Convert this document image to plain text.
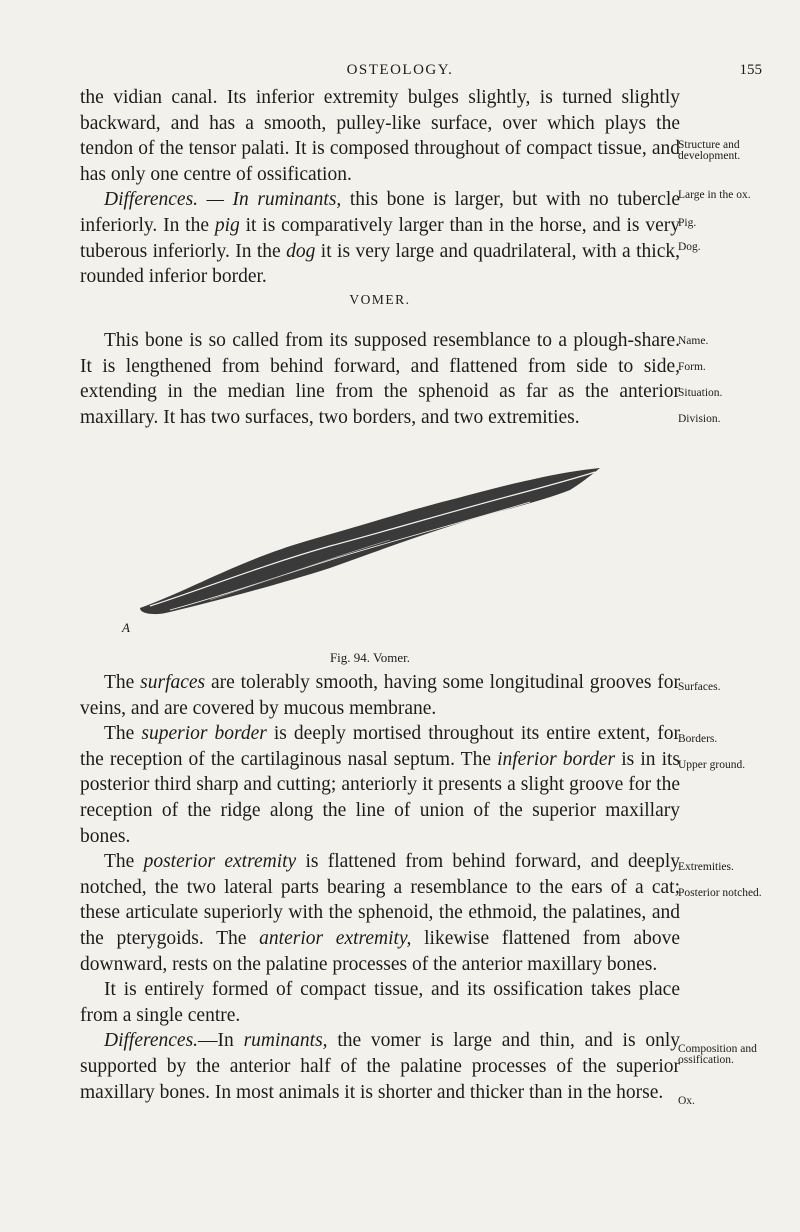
OSTEOLOGY.	155

the vidian canal. Its inferior extremity bulges slightly, is turned slightly backward, and has a smooth, pulley-like surface, over which plays the tendon of the tensor palati. It is composed throughout of compact tissue, and has only one centre of ossification.

Differences. — In ruminants, this bone is larger, but with no tubercle inferiorly. In the pig it is comparatively larger than in the horse, and is very tuberous inferiorly. In the dog it is very large and quadrilateral, with a thick, rounded inferior border.

VOMER.

This bone is so called from its supposed resemblance to a plough-share. It is lengthened from behind forward, and flattened from side to side, extending in the median line from the sphenoid as far as the anterior maxillary. It has two surfaces, two borders, and two extremities.

A
Fig. 94. Vomer.

The surfaces are tolerably smooth, having some longitudinal grooves for veins, and are covered by mucous membrane.

The superior border is deeply mortised throughout its entire extent, for the reception of the cartilaginous nasal septum. The inferior border is in its posterior third sharp and cutting; anteriorly it presents a slight groove for the reception of the ridge along the line of union of the superior maxillary bones.

The posterior extremity is flattened from behind forward, and deeply notched, the two lateral parts bearing a resemblance to the ears of a cat; these articulate superiorly with the sphenoid, the ethmoid, the palatines, and the pterygoids. The anterior extremity, likewise flattened from above downward, rests on the palatine processes of the anterior maxillary bones.

It is entirely formed of compact tissue, and its ossification takes place from a single centre.

Differences.—In ruminants, the vomer is large and thin, and is only supported by the anterior half of the palatine processes of the superior maxillary bones. In most animals it is shorter and thicker than in the horse.

Structure and development.
Large in the ox.
Pig.
Dog.
Name.
Form.
Situation.
Division.
Surfaces.
Borders.
Upper ground.
Extremities.
Posterior notched.
Composition and ossification.
Ox.
